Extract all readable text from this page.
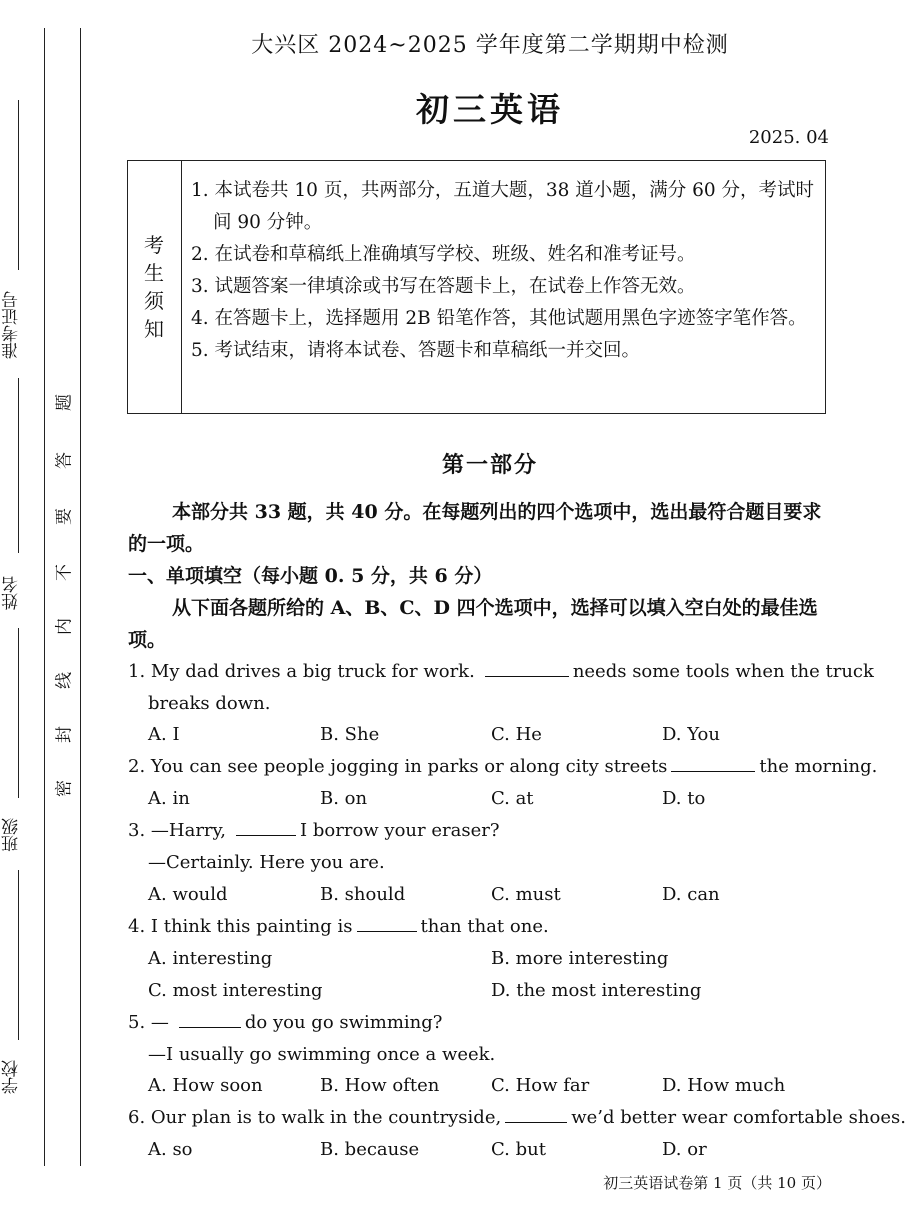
准考证号
姓名
班级
学校
密
封
线
内
不
要
答
题
大兴区 2024~2025 学年度第二学期期中检测
初三英语
2025. 04
考生须知
1. 本试卷共 10 页，共两部分，五道大题，38 道小题，满分 60 分，考试时间 90 分钟。
2. 在试卷和草稿纸上准确填写学校、班级、姓名和准考证号。
3. 试题答案一律填涂或书写在答题卡上，在试卷上作答无效。
4. 在答题卡上，选择题用 2B 铅笔作答，其他试题用黑色字迹签字笔作答。
5. 考试结束，请将本试卷、答题卡和草稿纸一并交回。
第一部分
本部分共 33 题，共 40 分。在每题列出的四个选项中，选出最符合题目要求的一项。
一、单项填空（每小题 0. 5 分，共 6 分）
从下面各题所给的 A、B、C、D 四个选项中，选择可以填入空白处的最佳选项。
1. My dad drives a big truck for work.	needs some tools when the truck
breaks down.
A. I	B. She	C. He	D. You
2. You can see people jogging in parks or along city streets	the morning.
A. in	B. on	C. at	D. to
3. —Harry,	I borrow your eraser?
—Certainly. Here you are.
A. would	B. should	C. must	D. can
4. I think this painting is	than that one.
A. interesting	B. more interesting
C. most interesting	D. the most interesting
5. —	do you go swimming?
—I usually go swimming once a week.
A. How soon	B. How often	C. How far	D. How much
6. Our plan is to walk in the countryside,	we’d better wear comfortable shoes.
A. so	B. because	C. but	D. or
初三英语试卷第 1 页（共 10 页）
